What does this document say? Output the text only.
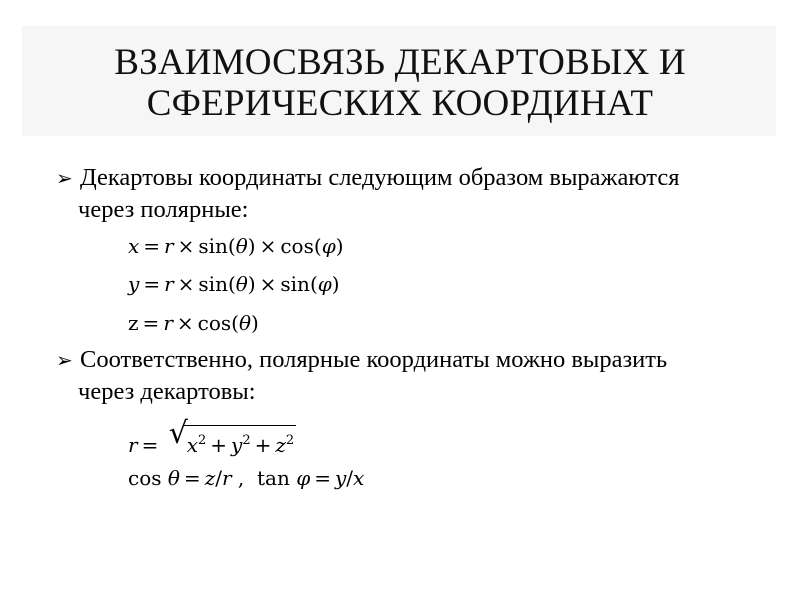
ВЗАИМОСВЯЗЬ ДЕКАРТОВЫХ И
СФЕРИЧЕСКИХ КООРДИНАТ
➢ Декартовы координаты следующим образом выражаются
через полярные:
x = r × sin(θ) × cos(φ)
y = r × sin(θ) × sin(φ)
z = r × cos(θ)
➢ Соответственно, полярные координаты можно выразить
через декартовы:
r = √
$x^2 + y^2 + z^2$
cos θ = z/r , tan φ = y/x
